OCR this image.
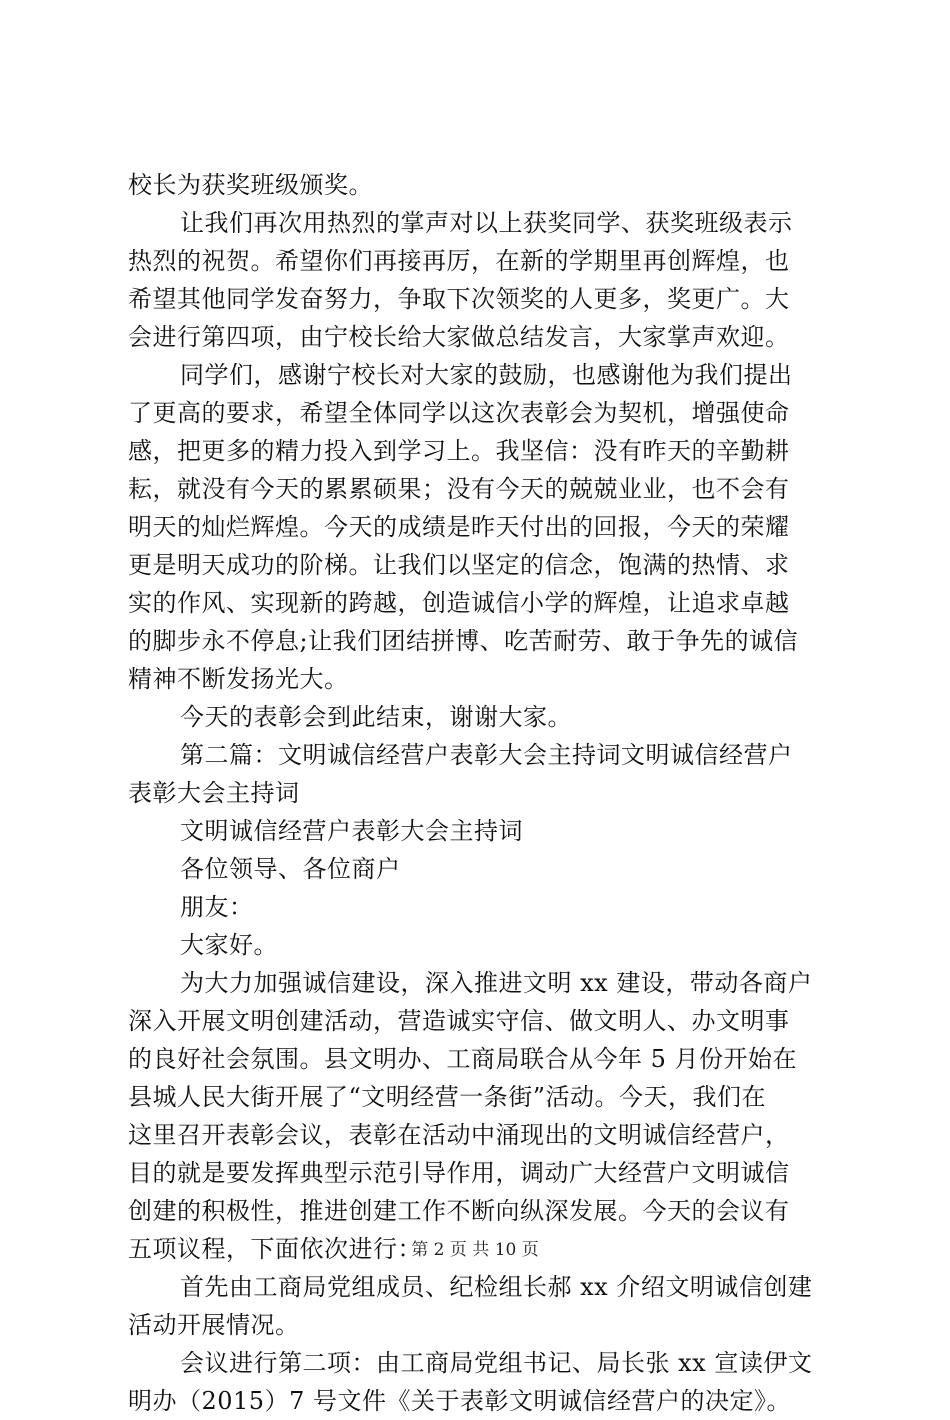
校长为获奖班级颁奖。
让我们再次用热烈的掌声对以上获奖同学、获奖班级表示
热烈的祝贺。希望你们再接再厉，在新的学期里再创辉煌，也
希望其他同学发奋努力，争取下次领奖的人更多，奖更广。大
会进行第四项，由宁校长给大家做总结发言，大家掌声欢迎。
同学们，感谢宁校长对大家的鼓励，也感谢他为我们提出
了更高的要求，希望全体同学以这次表彰会为契机，增强使命
感，把更多的精力投入到学习上。我坚信：没有昨天的辛勤耕
耘，就没有今天的累累硕果；没有今天的兢兢业业，也不会有
明天的灿烂辉煌。今天的成绩是昨天付出的回报，今天的荣耀
更是明天成功的阶梯。让我们以坚定的信念，饱满的热情、求
实的作风、实现新的跨越，创造诚信小学的辉煌，让追求卓越
的脚步永不停息;让我们团结拼博、吃苦耐劳、敢于争先的诚信
精神不断发扬光大。
今天的表彰会到此结束，谢谢大家。
第二篇：文明诚信经营户表彰大会主持词文明诚信经营户
表彰大会主持词
文明诚信经营户表彰大会主持词
各位领导、各位商户
朋友：
大家好。
为大力加强诚信建设，深入推进文明 xx 建设，带动各商户
深入开展文明创建活动，营造诚实守信、做文明人、办文明事
的良好社会氛围。县文明办、工商局联合从今年 5 月份开始在
县城人民大街开展了“文明经营一条街”活动。今天，我们在
这里召开表彰会议，表彰在活动中涌现出的文明诚信经营户，
目的就是要发挥典型示范引导作用，调动广大经营户文明诚信
创建的积极性，推进创建工作不断向纵深发展。今天的会议有
五项议程，下面依次进行：
首先由工商局党组成员、纪检组长郝 xx 介绍文明诚信创建
活动开展情况。
会议进行第二项：由工商局党组书记、局长张 xx 宣读伊文
明办（2015）7 号文件《关于表彰文明诚信经营户的决定》。
第 2 页 共 10 页
